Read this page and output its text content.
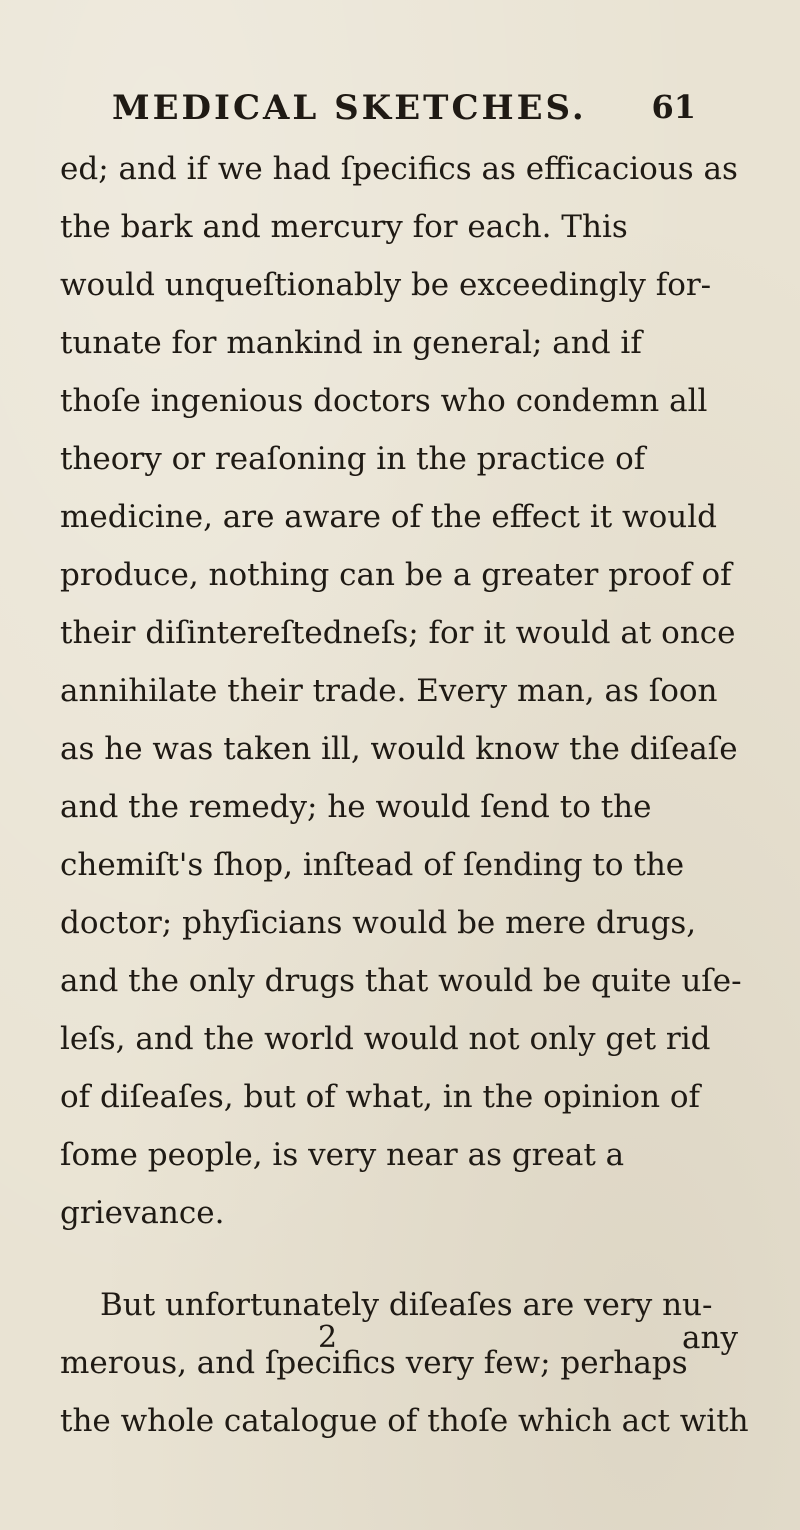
MEDICAL SKETCHES. 61
ed; and if we had ſpecifics as efficacious as
the bark and mercury for each. This
would unqueſtionably be exceedingly for-
tunate for mankind in general; and if
thoſe ingenious doctors who condemn all
theory or reaſoning in the practice of
medicine, are aware of the effect it would
produce, nothing can be a greater proof of
their diſintereſtedneſs; for it would at once
annihilate their trade. Every man, as ſoon
as he was taken ill, would know the diſeaſe
and the remedy; he would ſend to the
chemiſt's ſhop, inſtead of ſending to the
doctor; phyſicians would be mere drugs,
and the only drugs that would be quite uſe-
leſs, and the world would not only get rid
of diſeaſes, but of what, in the opinion of
ſome people, is very near as great a
grievance.
But unfortunately diſeaſes are very nu-
merous, and ſpecifics very few; perhaps
the whole catalogue of thoſe which act with
2	any
